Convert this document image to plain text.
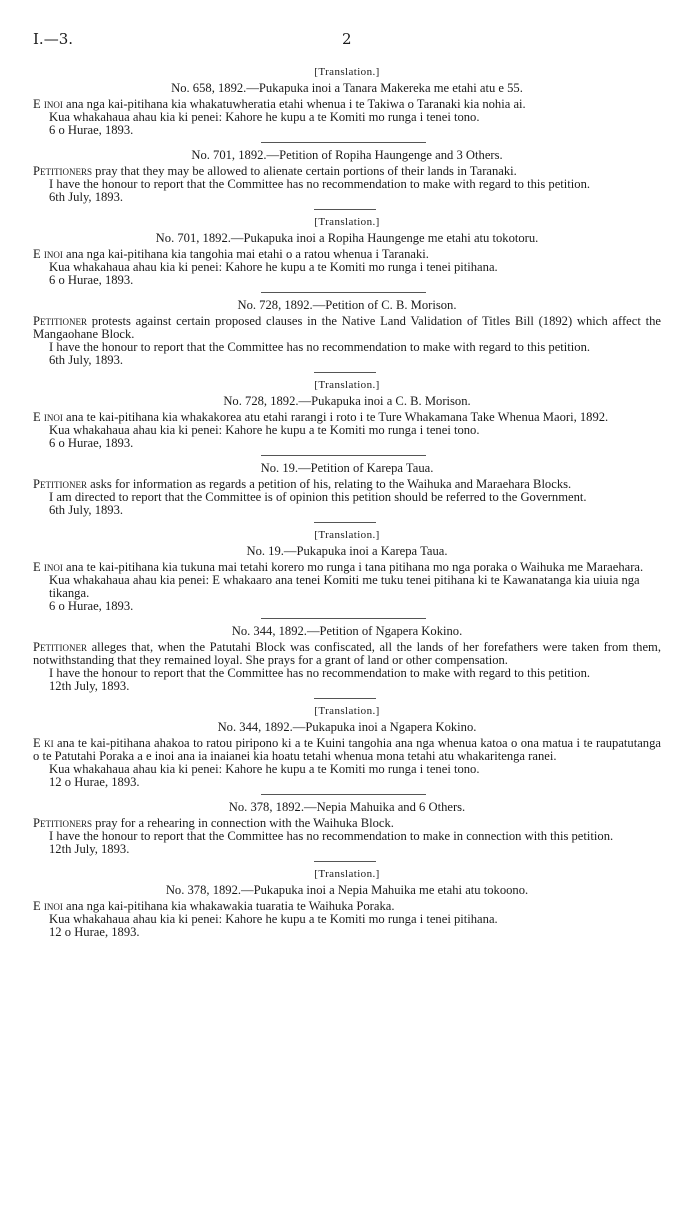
I.—3.	2

[Translation.]

No. 658, 1892.—Pukapuka inoi a Tanara Makereka me etahi atu e 55.

E inoi ana nga kai-pitihana kia whakatuwheratia etahi whenua i te Takiwa o Taranaki kia nohia ai.

Kua whakahaua ahau kia ki penei: Kahore he kupu a te Komiti mo runga i tenei tono.

6 o Hurae, 1893.

No. 701, 1892.—Petition of Ropiha Haungenge and 3 Others.

Petitioners pray that they may be allowed to alienate certain portions of their lands in Taranaki.

I have the honour to report that the Committee has no recommendation to make with regard to this petition.

6th July, 1893.

[Translation.]

No. 701, 1892.—Pukapuka inoi a Ropiha Haungenge me etahi atu tokotoru.

E inoi ana nga kai-pitihana kia tangohia mai etahi o a ratou whenua i Taranaki.

Kua whakahaua ahau kia ki penei: Kahore he kupu a te Komiti mo runga i tenei pitihana.

6 o Hurae, 1893.

No. 728, 1892.—Petition of C. B. Morison.

Petitioner protests against certain proposed clauses in the Native Land Validation of Titles Bill (1892) which affect the Mangaohane Block.

I have the honour to report that the Committee has no recommendation to make with regard to this petition.

6th July, 1893.

[Translation.]

No. 728, 1892.—Pukapuka inoi a C. B. Morison.

E inoi ana te kai-pitihana kia whakakorea atu etahi rarangi i roto i te Ture Whakamana Take Whenua Maori, 1892.

Kua whakahaua ahau kia ki penei: Kahore he kupu a te Komiti mo runga i tenei tono.

6 o Hurae, 1893.

No. 19.—Petition of Karepa Taua.

Petitioner asks for information as regards a petition of his, relating to the Waihuka and Maraehara Blocks.

I am directed to report that the Committee is of opinion this petition should be referred to the Government.

6th July, 1893.

[Translation.]

No. 19.—Pukapuka inoi a Karepa Taua.

E inoi ana te kai-pitihana kia tukuna mai tetahi korero mo runga i tana pitihana mo nga poraka o Waihuka me Maraehara.

Kua whakahaua ahau kia penei: E whakaaro ana tenei Komiti me tuku tenei pitihana ki te Kawanatanga kia uiuia nga tikanga.

6 o Hurae, 1893.

No. 344, 1892.—Petition of Ngapera Kokino.

Petitioner alleges that, when the Patutahi Block was confiscated, all the lands of her forefathers were taken from them, notwithstanding that they remained loyal. She prays for a grant of land or other compensation.

I have the honour to report that the Committee has no recommendation to make with regard to this petition.

12th July, 1893.

[Translation.]

No. 344, 1892.—Pukapuka inoi a Ngapera Kokino.

E ki ana te kai-pitihana ahakoa to ratou piripono ki a te Kuini tangohia ana nga whenua katoa o ona matua i te raupatutanga o te Patutahi Poraka a e inoi ana ia inaianei kia hoatu tetahi whenua mona tetahi atu whakaritenga ranei.

Kua whakahaua ahau kia ki penei: Kahore he kupu a te Komiti mo runga i tenei tono.

12 o Hurae, 1893.

No. 378, 1892.—Nepia Mahuika and 6 Others.

Petitioners pray for a rehearing in connection with the Waihuka Block.

I have the honour to report that the Committee has no recommendation to make in connection with this petition.

12th July, 1893.

[Translation.]

No. 378, 1892.—Pukapuka inoi a Nepia Mahuika me etahi atu tokoono.

E inoi ana nga kai-pitihana kia whakawakia tuaratia te Waihuka Poraka.

Kua whakahaua ahau kia ki penei: Kahore he kupu a te Komiti mo runga i tenei pitihana.

12 o Hurae, 1893.
